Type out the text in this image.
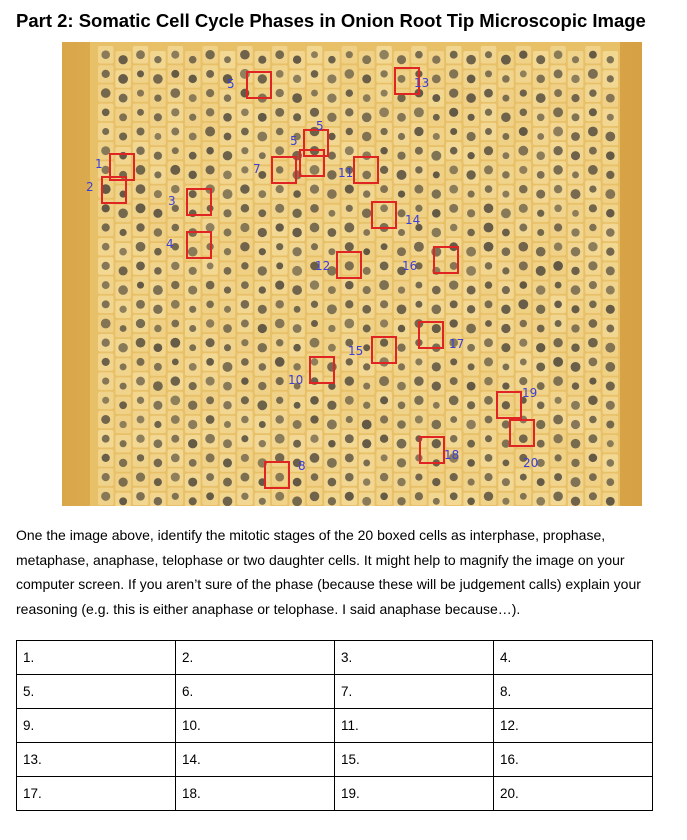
Part 2: Somatic Cell Cycle Phases in Onion Root Tip Microscopic Image
1
2
3
4
5
5
7
8
5
10
11
12
13
14
15
16
17
18
19
20
One the image above, identify the mitotic stages of the 20 boxed cells as interphase, prophase, metaphase, anaphase, telophase or two daughter cells. It might help to magnify the image on your computer screen. If you aren’t sure of the phase (because these will be judgement calls) explain your reasoning (e.g. this is either anaphase or telophase. I said anaphase because…).
1.	2.	3.	4.
5.	6.	7.	8.
9.	10.	11.	12.
13.	14.	15.	16.
17.	18.	19.	20.
